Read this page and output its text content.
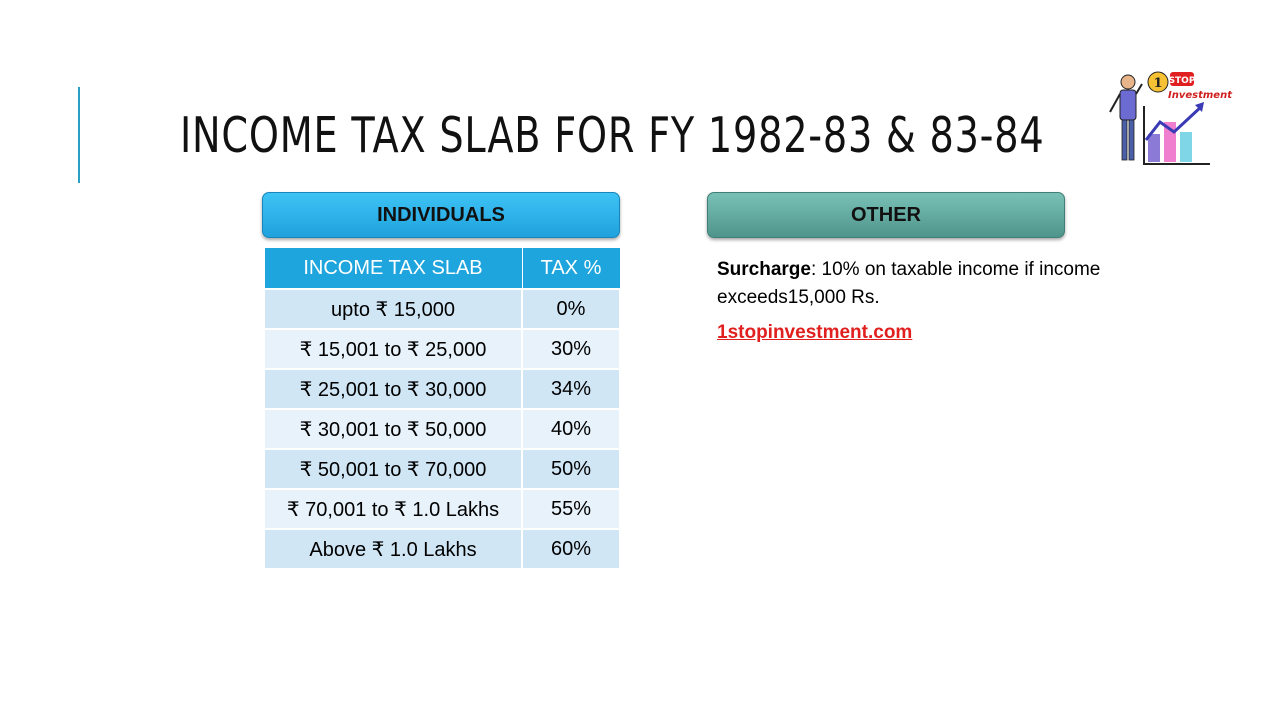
INCOME TAX SLAB FOR FY 1982-83 & 83-84
1 STOP
Investment
INDIVIDUALS	OTHER
INCOME TAX SLAB	TAX %
upto ₹ 15,000	0%
₹ 15,001 to ₹ 25,000	30%
₹ 25,001 to ₹ 30,000	34%
₹ 30,001 to ₹ 50,000	40%
₹ 50,001 to ₹ 70,000	50%
₹ 70,001 to ₹ 1.0 Lakhs	55%
Above ₹ 1.0 Lakhs	60%
Surcharge: 10% on taxable income if income exceeds15,000 Rs.
1stopinvestment.com
